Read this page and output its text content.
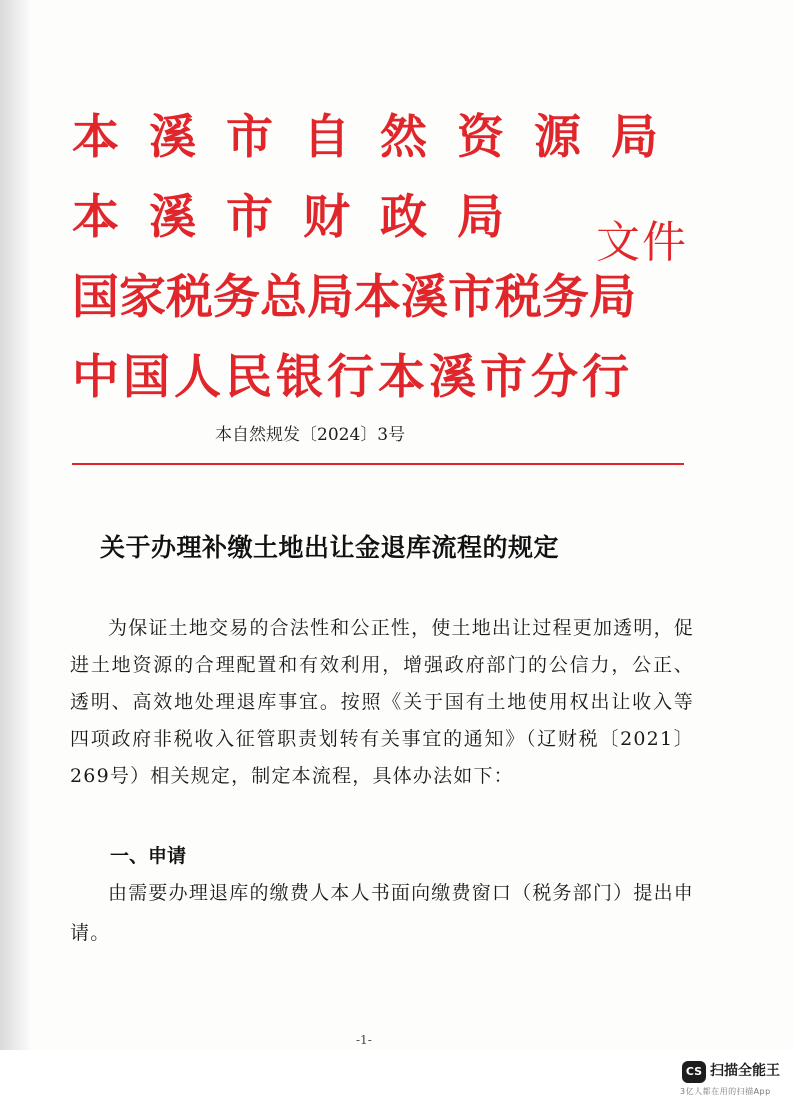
本溪市自然资源局
本溪市财政局
国家税务总局本溪市税务局
中国人民银行本溪市分行
文件
本自然规发〔2024〕3号
关于办理补缴土地出让金退库流程的规定

为保证土地交易的合法性和公正性，使土地出让过程更加透明，促进土地资源的合理配置和有效利用，增强政府部门的公信力，公正、透明、高效地处理退库事宜。按照《关于国有土地使用权出让收入等四项政府非税收入征管职责划转有关事宜的通知》（辽财税〔2021〕269号）相关规定，制定本流程，具体办法如下：

一、申请

由需要办理退库的缴费人本人书面向缴费窗口（税务部门）提出申请。

-1-
CS 扫描全能王
3亿人都在用的扫描App
